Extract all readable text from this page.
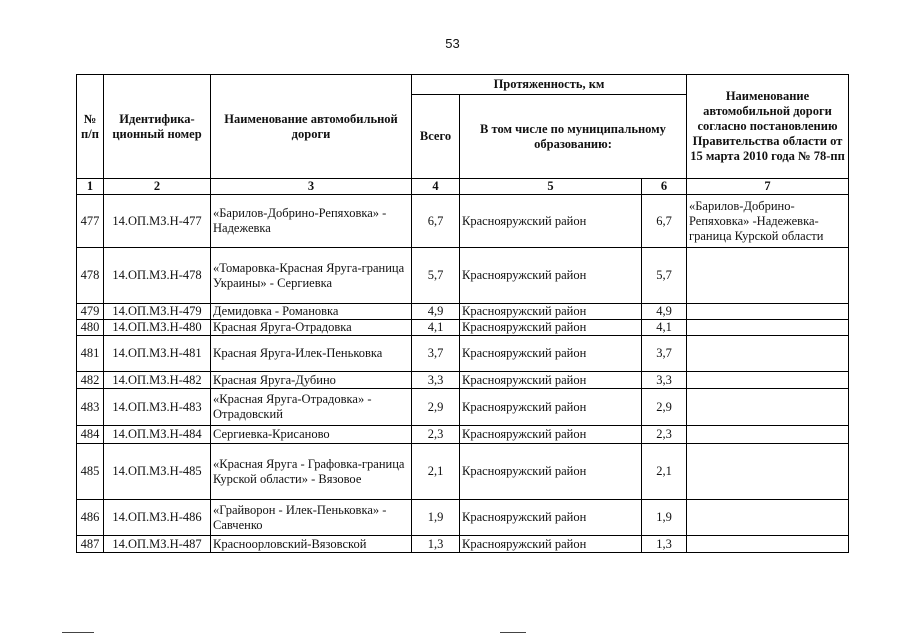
53
№ п/п	Идентифика-ционный номер	Наименование автомобильной дороги	Протяженность, км			Наименование автомобильной дороги согласно постановлению Правительства области от 15 марта 2010 года № 78-пп
			Всего	В том числе по муниципальному образованию:		
1	2	3	4	5	6	7
477	14.ОП.МЗ.Н-477	«Барилов-Добрино-Репяховка» - Надежевка	6,7	Краснояружский район	6,7	«Барилов-Добрино-Репяховка» -Надежевка-граница Курской области
478	14.ОП.МЗ.Н-478	«Томаровка-Красная Яруга-граница Украины» - Сергиевка	5,7	Краснояружский район	5,7	
479	14.ОП.МЗ.Н-479	Демидовка - Романовка	4,9	Краснояружский район	4,9	
480	14.ОП.МЗ.Н-480	Красная Яруга-Отрадовка	4,1	Краснояружский район	4,1	
481	14.ОП.МЗ.Н-481	Красная Яруга-Илек-Пеньковка	3,7	Краснояружский район	3,7	
482	14.ОП.МЗ.Н-482	Красная Яруга-Дубино	3,3	Краснояружский район	3,3	
483	14.ОП.МЗ.Н-483	«Красная Яруга-Отрадовка» - Отрадовский	2,9	Краснояружский район	2,9	
484	14.ОП.МЗ.Н-484	Сергиевка-Крисаново	2,3	Краснояружский район	2,3	
485	14.ОП.МЗ.Н-485	«Красная Яруга - Графовка-граница Курской области» - Вязовое	2,1	Краснояружский район	2,1	
486	14.ОП.МЗ.Н-486	«Грайворон - Илек-Пеньковка» - Савченко	1,9	Краснояружский район	1,9	
487	14.ОП.МЗ.Н-487	Красноорловский-Вязовской	1,3	Краснояружский район	1,3	
